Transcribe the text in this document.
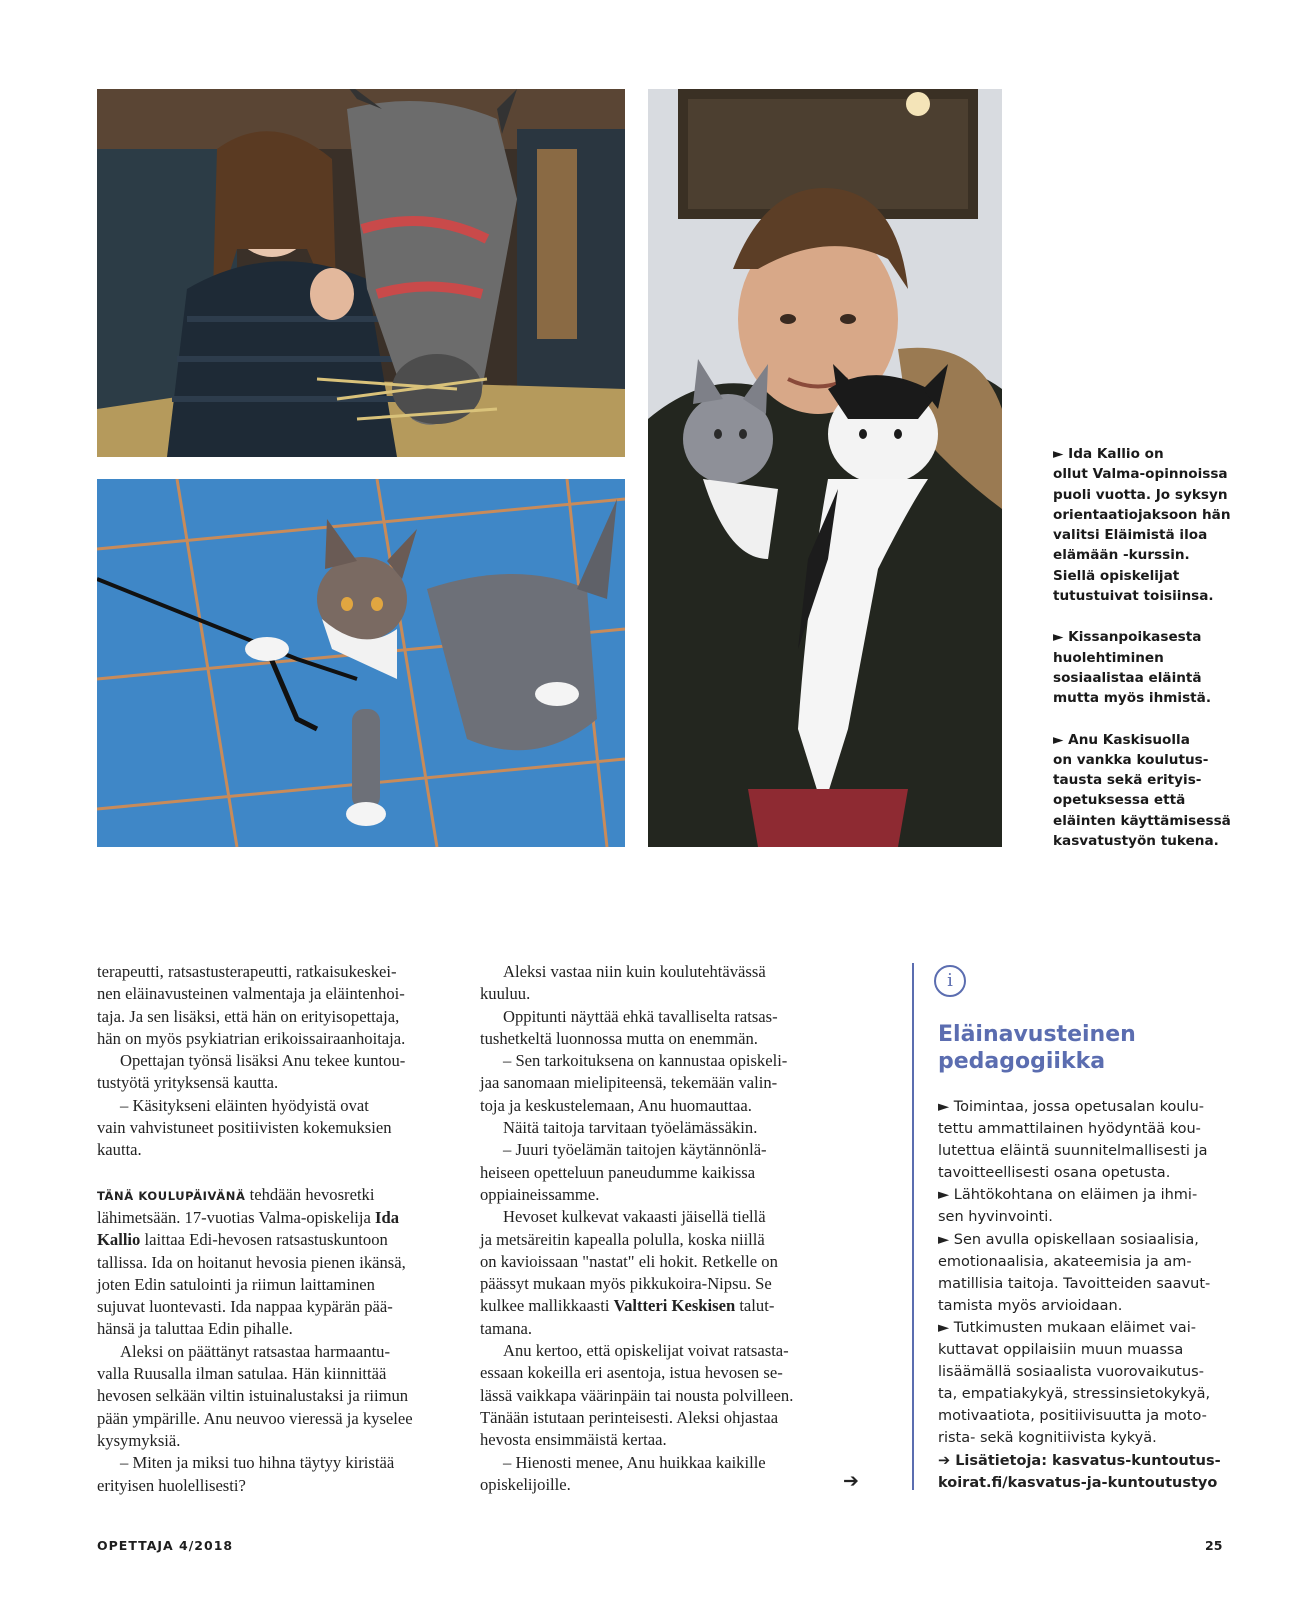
► Ida Kallio on
ollut Valma-opinnoissa
puoli vuotta. Jo syksyn
orientaatiojaksoon hän
valitsi Eläimistä iloa
elämään -kurssin.
Siellä opiskelijat
tutustuivat toisiinsa.

► Kissanpoikasesta
huolehtiminen
sosiaalistaa eläintä
mutta myös ihmistä.

► Anu Kaskisuolla
on vankka koulutus-
tausta sekä erityis-
opetuksessa että
eläinten käyttämisessä
kasvatustyön tukena.

terapeutti, ratsastusterapeutti, ratkaisukeskei-
nen eläinavusteinen valmentaja ja eläintenhoi-
taja. Ja sen lisäksi, että hän on erityisopettaja,
hän on myös psykiatrian erikoissairaanhoitaja.

Opettajan työnsä lisäksi Anu tekee kuntou-
tustyötä yrityksensä kautta.

– Käsitykseni eläinten hyödyistä ovat
vain vahvistuneet positiivisten kokemuksien
kautta.

TÄNÄ KOULUPÄIVÄNÄ tehdään hevosretki
lähimetsään. 17-vuotias Valma-opiskelija Ida
Kallio laittaa Edi-hevosen ratsastuskuntoon
tallissa. Ida on hoitanut hevosia pienen ikänsä,
joten Edin satulointi ja riimun laittaminen
sujuvat luontevasti. Ida nappaa kypärän pää-
hänsä ja taluttaa Edin pihalle.

Aleksi on päättänyt ratsastaa harmaantu-
valla Ruusalla ilman satulaa. Hän kiinnittää
hevosen selkään viltin istuinalustaksi ja riimun
pään ympärille. Anu neuvoo vieressä ja kyselee
kysymyksiä.

– Miten ja miksi tuo hihna täytyy kiristää
erityisen huolellisesti?

Aleksi vastaa niin kuin koulutehtävässä
kuuluu.

Oppitunti näyttää ehkä tavalliselta ratsas-
tushetkeltä luonnossa mutta on enemmän.

– Sen tarkoituksena on kannustaa opiskeli-
jaa sanomaan mielipiteensä, tekemään valin-
toja ja keskustelemaan, Anu huomauttaa.

Näitä taitoja tarvitaan työelämässäkin.

– Juuri työelämän taitojen käytännönlä-
heiseen opetteluun paneudumme kaikissa
oppiaineissamme.

Hevoset kulkevat vakaasti jäisellä tiellä
ja metsäreitin kapealla polulla, koska niillä
on kavioissaan "nastat" eli hokit. Retkelle on
päässyt mukaan myös pikkukoira-Nipsu. Se
kulkee mallikkaasti Valtteri Keskisen talut-
tamana.

Anu kertoo, että opiskelijat voivat ratsasta-
essaan kokeilla eri asentoja, istua hevosen se-
lässä vaikkapa väärinpäin tai nousta polvilleen.
Tänään istutaan perinteisesti. Aleksi ohjastaa
hevosta ensimmäistä kertaa.

– Hienosti menee, Anu huikkaa kaikille
opiskelijoille.	➔
i
Eläinavusteinen
pedagogiikka

► Toimintaa, jossa opetusalan koulu-
tettu ammattilainen hyödyntää kou-
lutettua eläintä suunnitelmallisesti ja
tavoitteellisesti osana opetusta.

► Lähtökohtana on eläimen ja ihmi-
sen hyvinvointi.

► Sen avulla opiskellaan sosiaalisia,
emotionaalisia, akateemisia ja am-
matillisia taitoja. Tavoitteiden saavut-
tamista myös arvioidaan.

► Tutkimusten mukaan eläimet vai-
kuttavat oppilaisiin muun muassa
lisäämällä sosiaalista vuorovaikutus-
ta, empatiakykyä, stressinsietokykyä,
motivaatiota, positiivisuutta ja moto-
rista- sekä kognitiivista kykyä.

➔ Lisätietoja: kasvatus-kuntoutus-
koirat.fi/kasvatus-ja-kuntoutustyo

OPETTAJA 4/2018	25
